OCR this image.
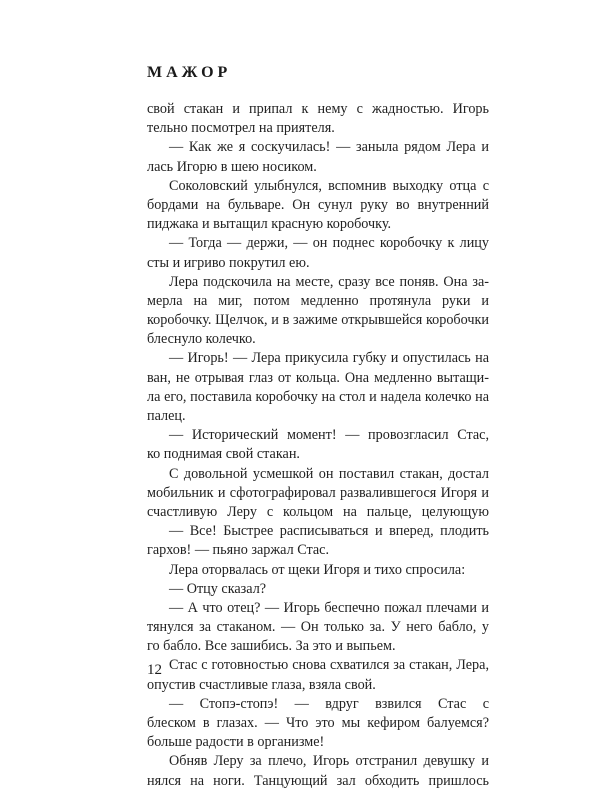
МАЖОР
свой стакан и припал к нему с жадностью. Игорь
тельно посмотрел на приятеля.
— Как же я соскучилась! — заныла рядом Лера и
лась Игорю в шею носиком.
Соколовский улыбнулся, вспомнив выходку отца с
бордами на бульваре. Он сунул руку во внутренний
пиджака и вытащил красную коробочку.
— Тогда — держи, — он поднес коробочку к лицу
сты и игриво покрутил ею.
Лера подскочила на месте, сразу все поняв. Она за-
мерла на миг, потом медленно протянула руки и
коробочку. Щелчок, и в зажиме открывшейся коробочки
блеснуло колечко.
— Игорь! — Лера прикусила губку и опустилась на
ван, не отрывая глаз от кольца. Она медленно вытащи-
ла его, поставила коробочку на стол и надела колечко на
палец.
— Исторический момент! — провозгласил Стас,
ко поднимая свой стакан.
С довольной усмешкой он поставил стакан, достал
мобильник и сфотографировал развалившегося Игоря и
счастливую Леру с кольцом на пальце, целующую
— Все! Быстрее расписываться и вперед, плодить
гархов! — пьяно заржал Стас.
Лера оторвалась от щеки Игоря и тихо спросила:
— Отцу сказал?
— А что отец? — Игорь беспечно пожал плечами и
тянулся за стаканом. — Он только за. У него бабло, у
го бабло. Все зашибись. За это и выпьем.
Стас с готовностью снова схватился за стакан, Лера,
опустив счастливые глаза, взяла свой.
— Стопэ-стопэ! — вдруг взвился Стас с
блеском в глазах. — Что это мы кефиром балуемся?
больше радости в организме!
Обняв Леру за плечо, Игорь отстранил девушку и
нялся на ноги. Танцующий зал обходить пришлось
12
